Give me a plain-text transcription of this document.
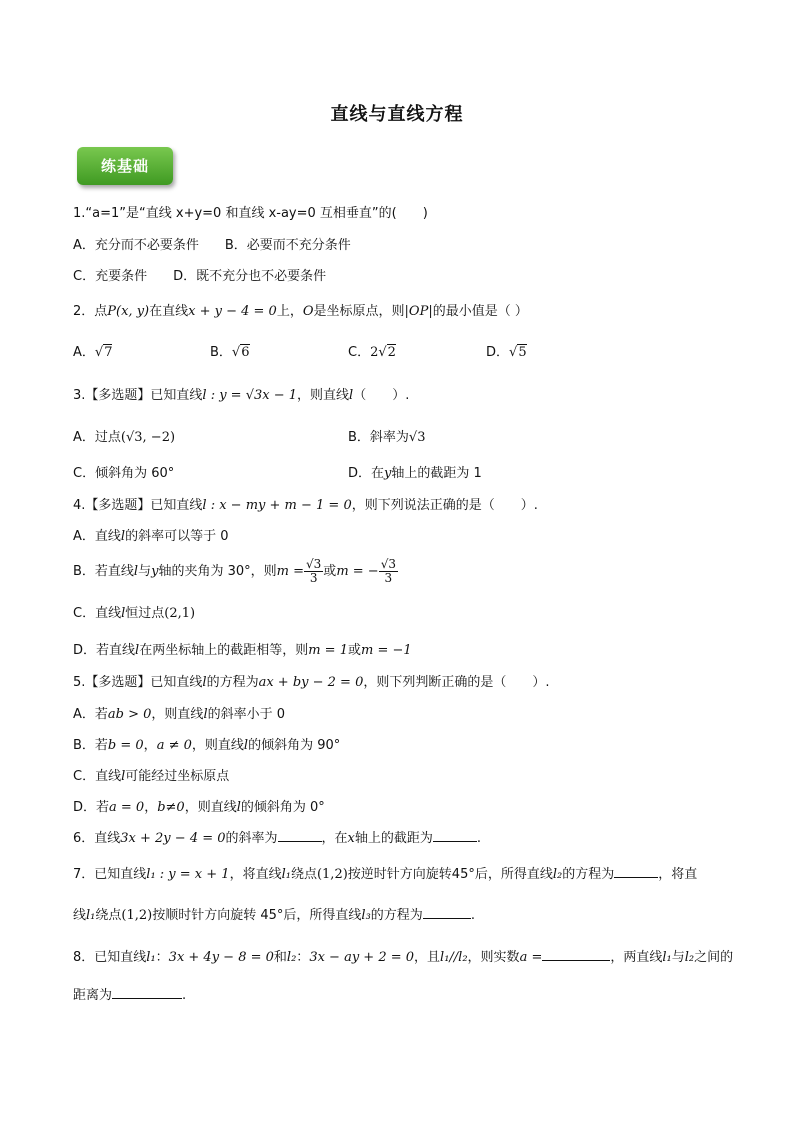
直线与直线方程
练基础
1.“a=1”是“直线 x+y=0 和直线 x-ay=0 互相垂直”的(　　)
A．充分而不必要条件　　B．必要而不充分条件
C．充要条件　　D．既不充分也不必要条件
2．点P(x, y)在直线x + y − 4 = 0上，O是坐标原点，则|OP|的最小值是（ ）
A．√7	B．√6	C．2√2	D．√5
3.【多选题】已知直线l : y = √3x − 1，则直线l（　　）.
A．过点(√3, −2)	B．斜率为√3
C．倾斜角为 60°	D．在y轴上的截距为 1
4.【多选题】已知直线l : x − my + m − 1 = 0，则下列说法正确的是（　　）.
A．直线l的斜率可以等于 0
B．若直线l与y轴的夹角为 30°，则$m = \frac{√3}{3}$ 或m = − $\frac{√3}{3}$
C．直线l恒过点(2,1)
D．若直线l在两坐标轴上的截距相等，则m = 1或m = −1
5.【多选题】已知直线l的方程为ax + by − 2 = 0，则下列判断正确的是（　　）.
A．若ab > 0，则直线l的斜率小于 0
B．若b = 0，a ≠ 0，则直线l的倾斜角为 90°
C．直线l可能经过坐标原点
D．若a = 0，b≠0，则直线l的倾斜角为 0°
6．直线3x + 2y − 4 = 0的斜率为	，在x轴上的截距为	.
7．已知直线l₁ : y = x + 1，将直线l₁绕点(1,2)按逆时针方向旋转45°后，所得直线l₂的方程为	，将直
线l₁绕点(1,2)按顺时针方向旋转 45°后，所得直线l₃的方程为	.
8．已知直线l₁：3x + 4y − 8 = 0和l₂：3x − ay + 2 = 0，且l₁//l₂，则实数a =	，两直线l₁与l₂之间的
距离为	.
